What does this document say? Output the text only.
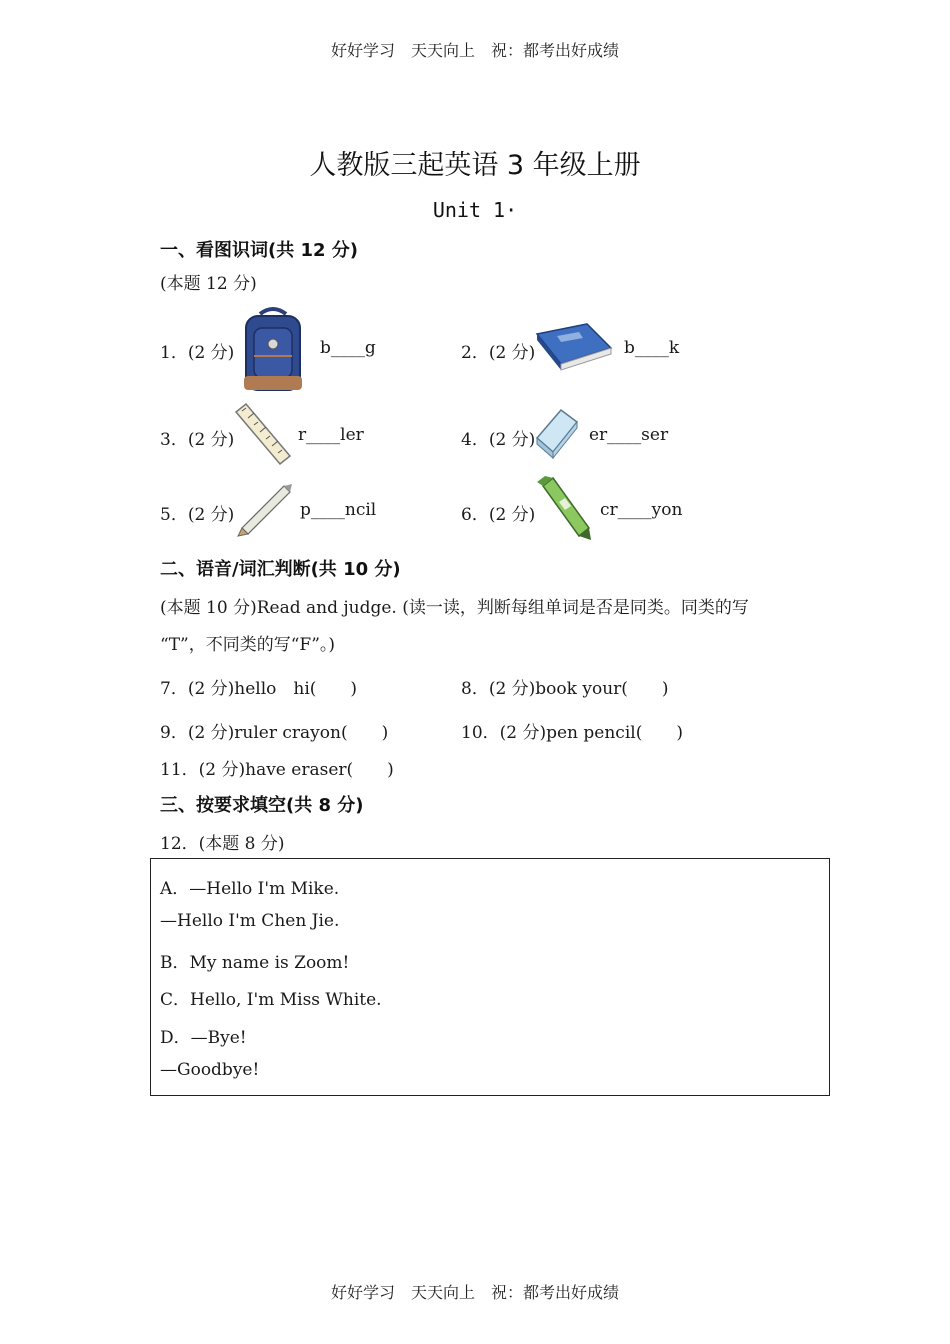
好好学习　天天向上　祝：都考出好成绩
人教版三起英语 3 年级上册
Unit 1·
一、看图识词(共 12 分)
(本题 12 分)
1．(2 分)	b____g	2．(2 分)	b____k
3．(2 分)	r____ler	4．(2 分)	er____ser
5．(2 分)	p____ncil	6．(2 分)	cr____yon
二、语音/词汇判断(共 10 分)
(本题 10 分)Read and judge. (读一读，判断每组单词是否是同类。同类的写
“T”，不同类的写“F”。)
7．(2 分)hello　hi(　　)	8．(2 分)book your(　　)
9．(2 分)ruler crayon(　　)	10．(2 分)pen pencil(　　)
11．(2 分)have eraser(　　)
三、按要求填空(共 8 分)
12．(本题 8 分)
A．—Hello I'm Mike.
—Hello I'm Chen Jie.
B．My name is Zoom!
C．Hello, I'm Miss White.
D．—Bye!
—Goodbye!
好好学习　天天向上　祝：都考出好成绩
